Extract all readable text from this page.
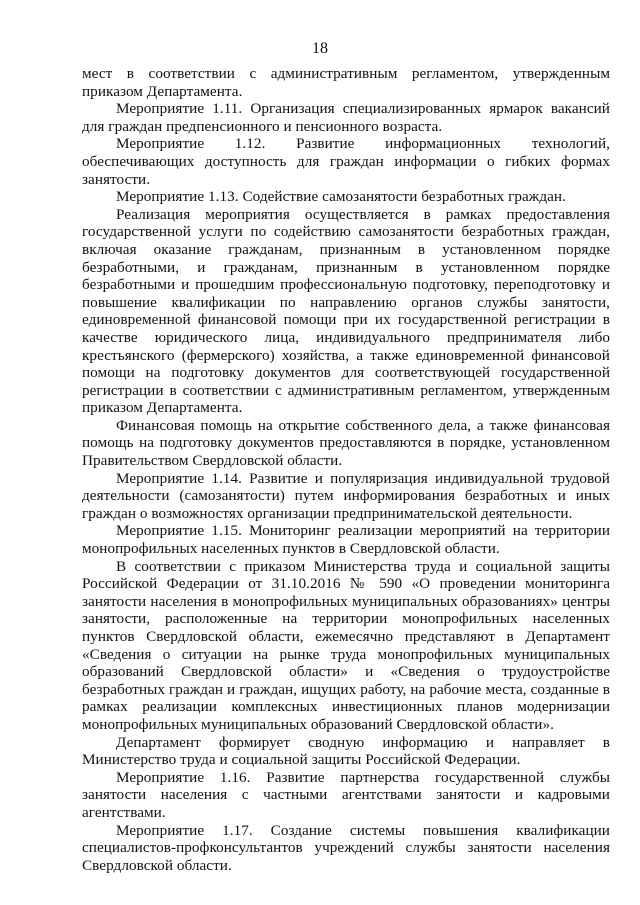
18

мест в соответствии с административным регламентом, утвержденным приказом Департамента.

Мероприятие 1.11. Организация специализированных ярмарок вакансий для граждан предпенсионного и пенсионного возраста.

Мероприятие 1.12. Развитие информационных технологий, обеспечивающих доступность для граждан информации о гибких формах занятости.

Мероприятие 1.13. Содействие самозанятости безработных граждан.

Реализация мероприятия осуществляется в рамках предоставления государственной услуги по содействию самозанятости безработных граждан, включая оказание гражданам, признанным в установленном порядке безработными, и гражданам, признанным в установленном порядке безработными и прошедшим профессиональную подготовку, переподготовку и повышение квалификации по направлению органов службы занятости, единовременной финансовой помощи при их государственной регистрации в качестве юридического лица, индивидуального предпринимателя либо крестьянского (фермерского) хозяйства, а также единовременной финансовой помощи на подготовку документов для соответствующей государственной регистрации в соответствии с административным регламентом, утвержденным приказом Департамента.

Финансовая помощь на открытие собственного дела, а также финансовая помощь на подготовку документов предоставляются в порядке, установленном Правительством Свердловской области.

Мероприятие 1.14. Развитие и популяризация индивидуальной трудовой деятельности (самозанятости) путем информирования безработных и иных граждан о возможностях организации предпринимательской деятельности.

Мероприятие 1.15. Мониторинг реализации мероприятий на территории монопрофильных населенных пунктов в Свердловской области.

В соответствии с приказом Министерства труда и социальной защиты Российской Федерации от 31.10.2016 № 590 «О проведении мониторинга занятости населения в монопрофильных муниципальных образованиях» центры занятости, расположенные на территории монопрофильных населенных пунктов Свердловской области, ежемесячно представляют в Департамент «Сведения о ситуации на рынке труда монопрофильных муниципальных образований Свердловской области» и «Сведения о трудоустройстве безработных граждан и граждан, ищущих работу, на рабочие места, созданные в рамках реализации комплексных инвестиционных планов модернизации монопрофильных муниципальных образований Свердловской области».

Департамент формирует сводную информацию и направляет в Министерство труда и социальной защиты Российской Федерации.

Мероприятие 1.16. Развитие партнерства государственной службы занятости населения с частными агентствами занятости и кадровыми агентствами.

Мероприятие 1.17. Создание системы повышения квалификации специалистов-профконсультантов учреждений службы занятости населения Свердловской области.
